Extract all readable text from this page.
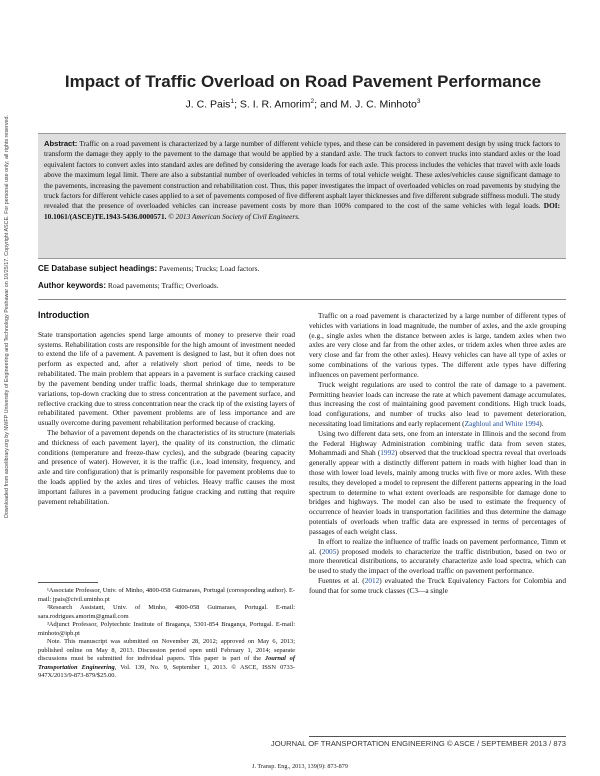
Downloaded from ascelibrary.org by NWFP University of Engineering and Technology Peshawar on 10/25/17. Copyright ASCE. For personal use only; all rights reserved.
Impact of Traffic Overload on Road Pavement Performance
J. C. Pais$^1$; S. I. R. Amorim$^2$; and M. J. C. Minhoto$^3$
Abstract: Traffic on a road pavement is characterized by a large number of different vehicle types, and these can be considered in pavement design by using truck factors to transform the damage they apply to the pavement to the damage that would be applied by a standard axle. The truck factors to convert trucks into standard axles or the load equivalent factors to convert axles into standard axles are defined by considering the average loads for each axle. This process includes the vehicles that travel with axle loads above the maximum legal limit. There are also a substantial number of overloaded vehicles in terms of total vehicle weight. These axles/vehicles cause significant damage to the pavements, increasing the pavement construction and rehabilitation cost. Thus, this paper investigates the impact of overloaded vehicles on road pavements by studying the truck factors for different vehicle cases applied to a set of pavements composed of five different asphalt layer thicknesses and five different subgrade stiffness moduli. The study revealed that the presence of overloaded vehicles can increase pavement costs by more than 100% compared to the cost of the same vehicles with legal loads. DOI: 10.1061/(ASCE)TE.1943-5436.0000571. © 2013 American Society of Civil Engineers.
CE Database subject headings: Pavements; Trucks; Load factors.
Author keywords: Road pavements; Traffic; Overloads.
Introduction

State transportation agencies spend large amounts of money to preserve their road systems. Rehabilitation costs are responsible for the high amount of investment needed to extend the life of a pavement. A pavement is designed to last, but it often does not perform as expected and, after a relatively short period of time, needs to be rehabilitated. The main problem that appears in a pavement is surface cracking caused by the pavement bending under traffic loads, thermal shrinkage due to temperature variations, top-down cracking due to stress concentration at the pavement surface, and reflective cracking due to stress concentration near the crack tip of the existing layers of rehabilitated pavement. Other pavement problems are of less importance and are usually overcome during pavement rehabilitation performed because of cracking.

The behavior of a pavement depends on the characteristics of its structure (materials and thickness of each pavement layer), the quality of its construction, the climatic conditions (temperature and freeze-thaw cycles), and the subgrade (bearing capacity and presence of water). However, it is the traffic (i.e., load intensity, frequency, and axle and tire configuration) that is primarily responsible for pavement problems due to the loads applied by the axles and tires of vehicles. Heavy traffic causes the most important failures in a pavement producing fatigue cracking and rutting that require pavement rehabilitation.

Traffic on a road pavement is characterized by a large number of different types of vehicles with variations in load magnitude, the number of axles, and the axle grouping (e.g., single axles when the distance between axles is large, tandem axles when two axles are very close and far from the other axles, or tridem axles when three axles are very close and far from the other axles). Heavy vehicles can have all type of axles or some combinations of the various types. The different axle types have differing influences on pavement performance.

Truck weight regulations are used to control the rate of damage to a pavement. Permitting heavier loads can increase the rate at which pavement damage accumulates, thus increasing the cost of maintaining good pavement conditions. High truck loads, load configurations, and number of trucks also lead to pavement deterioration, necessitating load limitations and early replacement (Zaghloul and White 1994).

Using two different data sets, one from an interstate in Illinois and the second from the Federal Highway Administration combining traffic data from seven states, Mohammadi and Shah (1992) observed that the truckload spectra reveal that overloads generally appear with a distinctly different pattern in roads with higher load than in those with lower load levels, mainly among trucks with five or more axles. With these results, they developed a model to represent the different patterns appearing in the load spectrum to determine to what extent overloads are responsible for damage done to bridges and highways. The model can also be used to estimate the frequency of occurrence of heavier loads in transportation facilities and thus determine the damage potentials of overloads when traffic data are expressed in terms of percentages of passages of each weight class.

In effort to realize the influence of traffic loads on pavement performance, Timm et al. (2005) proposed models to characterize the traffic distribution, based on two or more theoretical distributions, to accurately characterize axle load spectra, which can be used to study the impact of the overload traffic on pavement performance.

Fuentes et al. (2012) evaluated the Truck Equivalency Factors for Colombia and found that for some truck classes (C3—a single

¹Associate Professor, Univ. of Minho, 4800-058 Guimaraes, Portugal (corresponding author). E-mail: jpais@civil.uminho.pt

²Research Assistant, Univ. of Minho, 4800-058 Guimaraes, Portugal. E-mail: sara.rodrigues.amorim@gmail.com

³Adjunct Professor, Polytechnic Institute of Bragança, 5301-854 Bragança, Portugal. E-mail: minhoto@ipb.pt

Note. This manuscript was submitted on November 28, 2012; approved on May 6, 2013; published online on May 8, 2013. Discussion period open until February 1, 2014; separate discussions must be submitted for individual papers. This paper is part of the Journal of Transportation Engineering, Vol. 139, No. 9, September 1, 2013. © ASCE, ISSN 0733-947X/2013/9-873-879/$25.00.

JOURNAL OF TRANSPORTATION ENGINEERING © ASCE / SEPTEMBER 2013 / 873
J. Transp. Eng., 2013, 139(9): 873-879
